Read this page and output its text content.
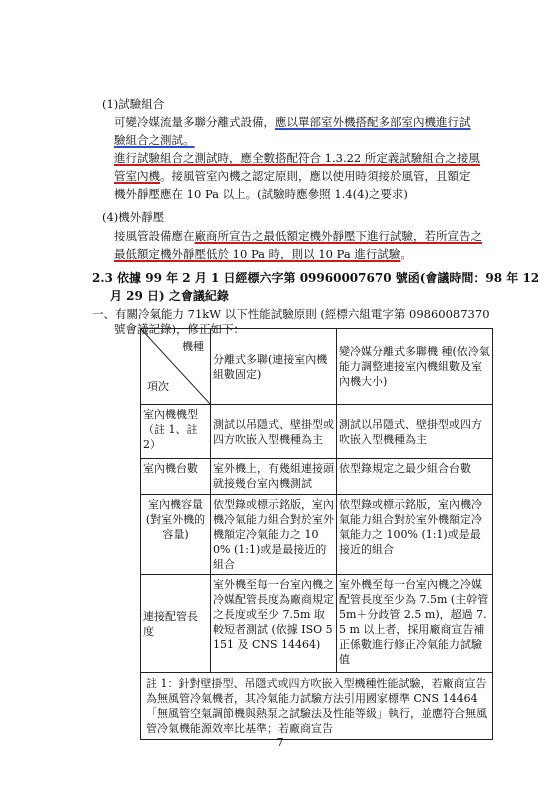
(1)試驗組合
可變冷媒流量多聯分離式設備，應以單部室外機搭配多部室內機進行試
驗組合之測試。
進行試驗組合之測試時，應全數搭配符合 1.3.22 所定義試驗組合之接風
管室內機。接風管室內機之認定原則，應以使用時須接於風管，且額定
機外靜壓應在 10 Pa 以上。(試驗時應參照 1.4(4)之要求)
(4)機外靜壓
接風管設備應在廠商所宣告之最低額定機外靜壓下進行試驗，若所宣告之
最低額定機外靜壓低於 10 Pa 時，則以 10 Pa 進行試驗。
2.3 依據 99 年 2 月 1 日經標六字第 09960007670 號函(會議時間：98 年 12
月 29 日) 之會議紀錄
一、有關冷氣能力 71kW 以下性能試驗原則 (經標六組電字第 09860087370
號會議記錄)，修正如下：
機種
項次	分離式多聯(連接室內機組數固定)	變冷媒分離式多聯機 種(依冷氣能力調整連接室內機組數及室內機大小)
室內機機型（註 1、註 2）	測試以吊隱式、壁掛型或四方吹嵌入型機種為主	測試以吊隱式、壁掛型或四方吹嵌入型機種為主
室內機台數	室外機上，有幾組連接頭就接幾台室內機測試	依型錄規定之最少組合台數
室內機容量(對室外機的容量)	依型錄或標示銘版，室內機冷氣能力組合對於室外機額定冷氣能力之 100% (1:1)或是最接近的組合	依型錄或標示銘版，室內機冷氣能力組合對於室外機額定冷氣能力之 100% (1:1)或是最接近的組合
連接配管長度	室外機至每一台室內機之冷媒配管長度為廠商規定之長度或至少 7.5m 取較短者測試 (依據 ISO 5151 及 CNS 14464)	室外機至每一台室內機之冷媒配管長度至少為 7.5m (主幹管 5m＋分歧管 2.5 m)，超過 7.5 m 以上者，採用廠商宣告補正係數進行修正冷氣能力試驗值
註 1：針對壁掛型、吊隱式或四方吹嵌入型機種性能試驗，若廠商宣告為無風管冷氣機者，其冷氣能力試驗方法引用國家標準 CNS 14464「無風管空氣調節機與熱泵之試驗法及性能等級」執行，並應符合無風管冷氣機能源效率比基準；若廠商宣告		
7
